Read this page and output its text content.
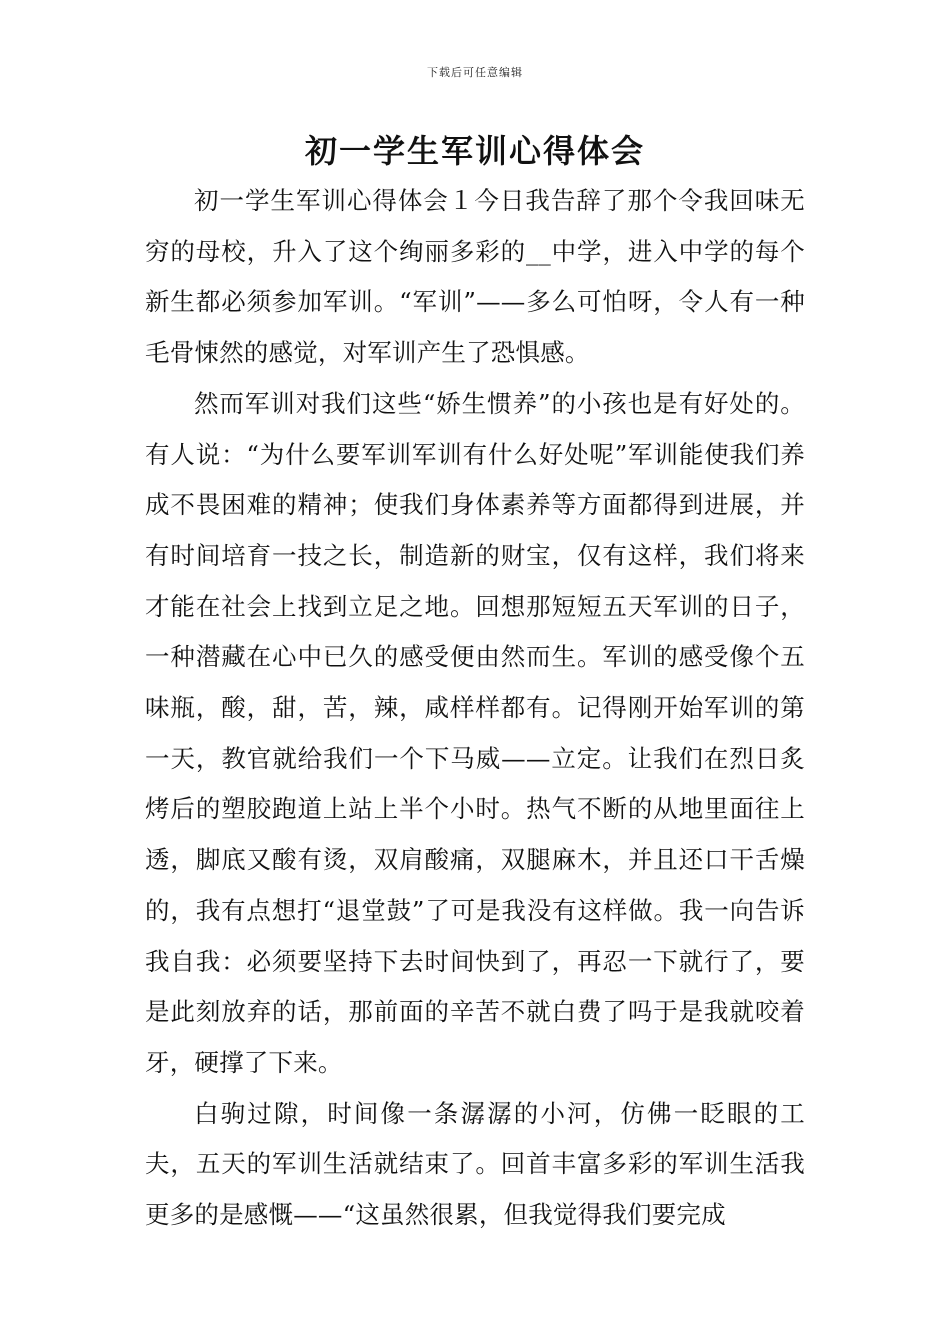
下载后可任意编辑
初一学生军训心得体会

初一学生军训心得体会１今日我告辞了那个令我回味无穷的母校，升入了这个绚丽多彩的__中学，进入中学的每个新生都必须参加军训。“军训”——多么可怕呀，令人有一种毛骨悚然的感觉，对军训产生了恐惧感。

然而军训对我们这些“娇生惯养”的小孩也是有好处的。有人说：“为什么要军训军训有什么好处呢”军训能使我们养成不畏困难的精神；使我们身体素养等方面都得到进展，并有时间培育一技之长，制造新的财宝，仅有这样，我们将来才能在社会上找到立足之地。回想那短短五天军训的日子，一种潜藏在心中已久的感受便由然而生。军训的感受像个五味瓶，酸，甜，苦，辣，咸样样都有。记得刚开始军训的第一天，教官就给我们一个下马威——立定。让我们在烈日炙烤后的塑胶跑道上站上半个小时。热气不断的从地里面往上透，脚底又酸有烫，双肩酸痛，双腿麻木，并且还口干舌燥的，我有点想打“退堂鼓”了可是我没有这样做。我一向告诉我自我：必须要坚持下去时间快到了，再忍一下就行了，要是此刻放弃的话，那前面的辛苦不就白费了吗于是我就咬着牙，硬撑了下来。

白驹过隙，时间像一条潺潺的小河，仿佛一眨眼的工夫，五天的军训生活就结束了。回首丰富多彩的军训生活我更多的是感慨——“这虽然很累，但我觉得我们要完成
